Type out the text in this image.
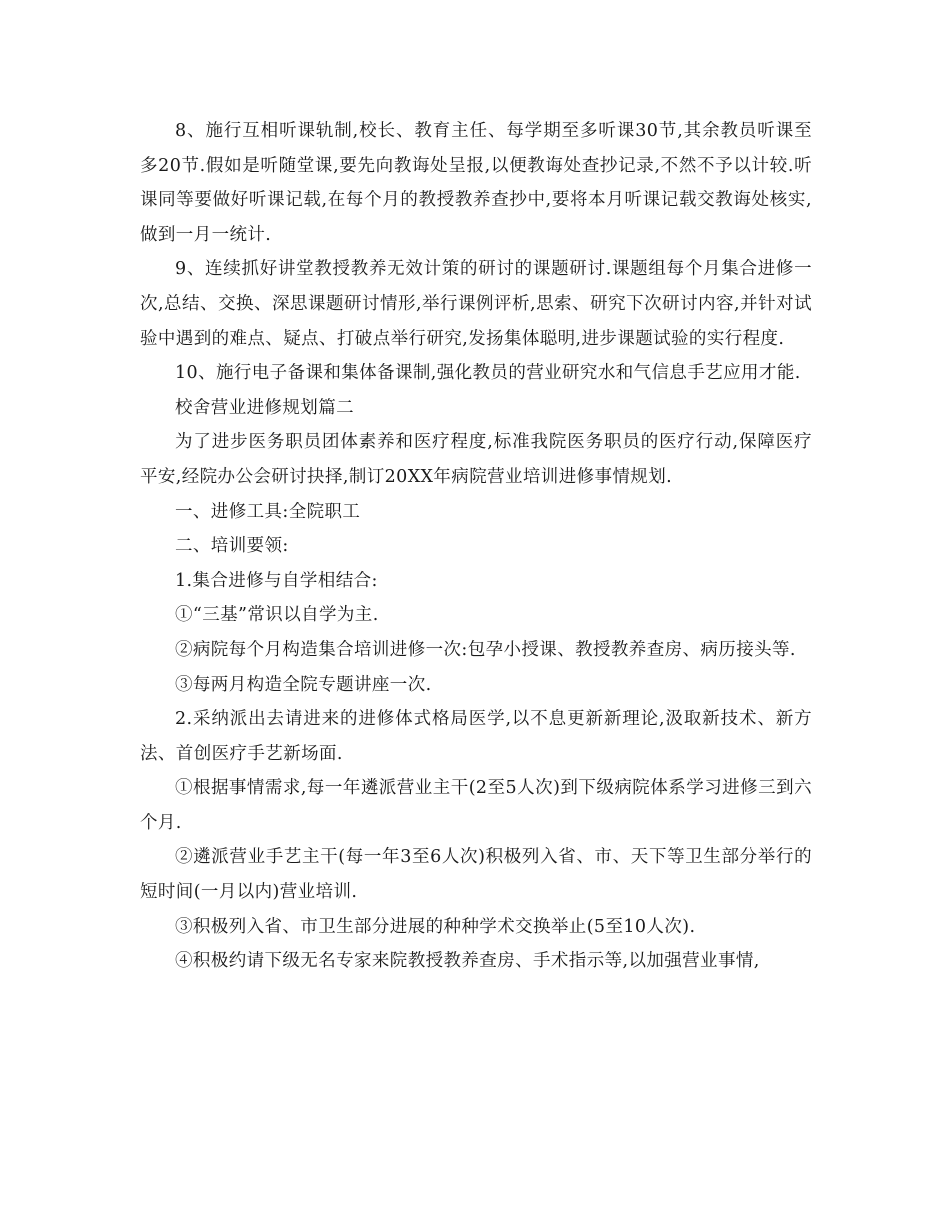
8、施行互相听课轨制,校长、教育主任、每学期至多听课30节,其余教员听课至多20节.假如是听随堂课,要先向教诲处呈报,以便教诲处查抄记录,不然不予以计较.听课同等要做好听课记载,在每个月的教授教养查抄中,要将本月听课记载交教诲处核实,做到一月一统计.

9、连续抓好讲堂教授教养无效计策的研讨的课题研讨.课题组每个月集合进修一次,总结、交换、深思课题研讨情形,举行课例评析,思索、研究下次研讨内容,并针对试验中遇到的难点、疑点、打破点举行研究,发扬集体聪明,进步课题试验的实行程度.

10、施行电子备课和集体备课制,强化教员的营业研究水和气信息手艺应用才能.

校舍营业进修规划篇二

为了进步医务职员团体素养和医疗程度,标准我院医务职员的医疗行动,保障医疗平安,经院办公会研讨抉择,制订20XX年病院营业培训进修事情规划.

一、进修工具:全院职工

二、培训要领:

1.集合进修与自学相结合:

①“三基”常识以自学为主.

②病院每个月构造集合培训进修一次:包孕小授课、教授教养查房、病历接头等.

③每两月构造全院专题讲座一次.

2.采纳派出去请进来的进修体式格局医学,以不息更新新理论,汲取新技术、新方法、首创医疗手艺新场面.

①根据事情需求,每一年遴派营业主干(2至5人次)到下级病院体系学习进修三到六个月.

②遴派营业手艺主干(每一年3至6人次)积极列入省、市、天下等卫生部分举行的短时间(一月以内)营业培训.

③积极列入省、市卫生部分进展的种种学术交换举止(5至10人次).

④积极约请下级无名专家来院教授教养查房、手术指示等,以加强营业事情,
